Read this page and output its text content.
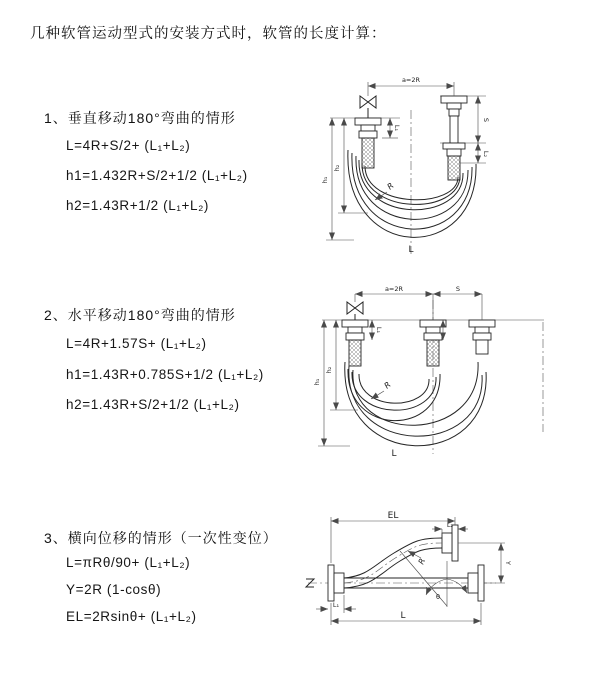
几种软管运动型式的安装方式时，软管的长度计算：
1、垂直移动180°弯曲的情形
L=4R+S/2+ (L₁+L₂)
h1=1.432R+S/2+1/2 (L₁+L₂)
h2=1.43R+1/2 (L₁+L₂)
a=2R
S
L₂
L₁
h₁
h₂
R
L
2、水平移动180°弯曲的情形
L=4R+1.57S+ (L₁+L₂)
h1=1.43R+0.785S+1/2 (L₁+L₂)
h2=1.43R+S/2+1/2 (L₁+L₂)
a=2R	S
L₁
h₁
h₂
R
L
3、横向位移的情形（一次性变位）
L=πRθ/90+ (L₁+L₂)
Y=2R (1-cosθ)
EL=2Rsinθ+ (L₁+L₂)
θ
EL
L₂
Y
R
L
L₁
